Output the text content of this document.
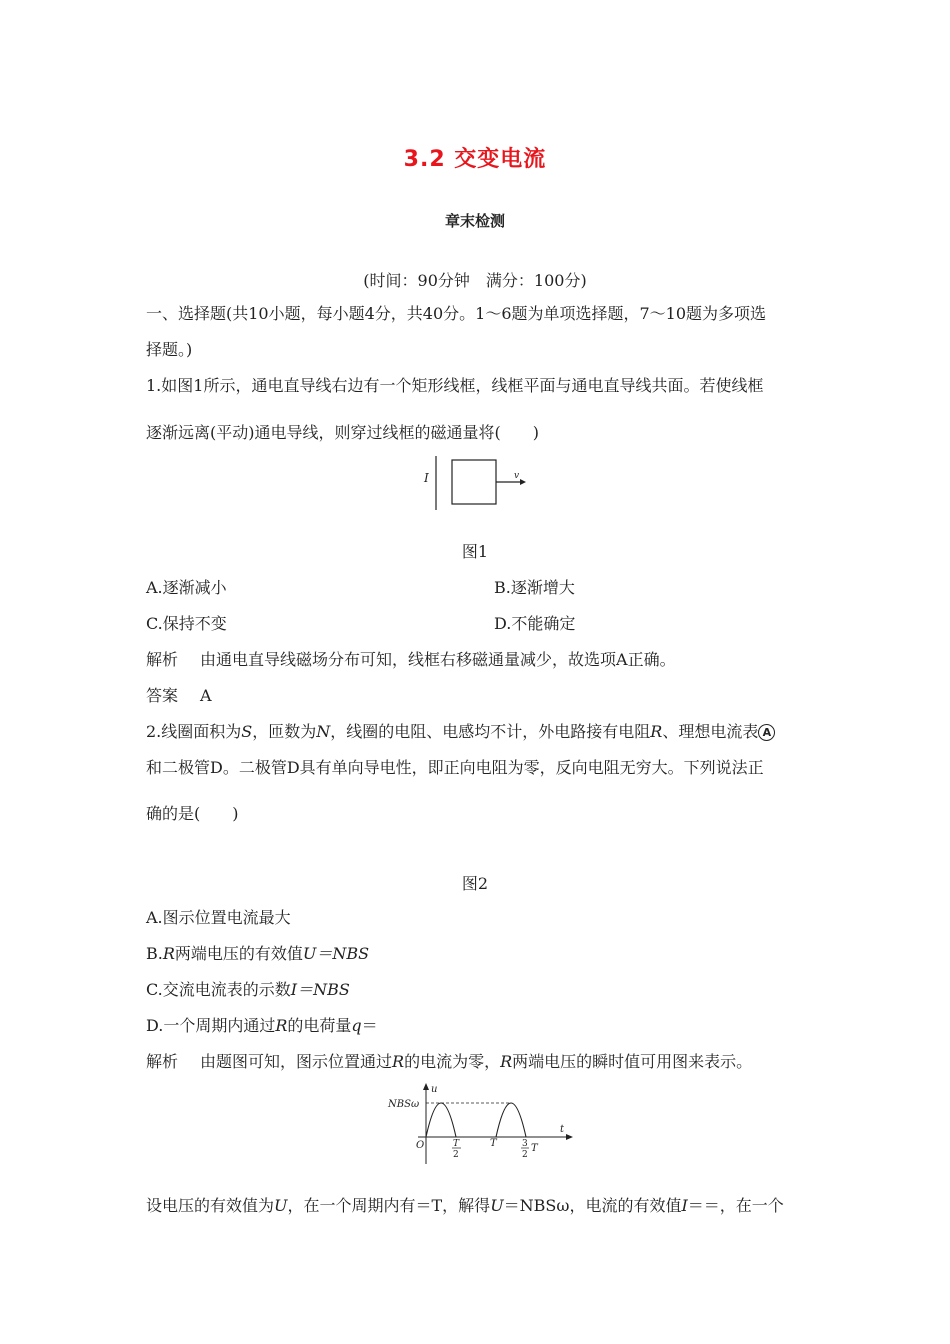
3.2 交变电流
章末检测
(时间：90分钟　满分：100分)
一、选择题(共10小题，每小题4分，共40分。1～6题为单项选择题，7～10题为多项选
择题。)
1.如图1所示，通电直导线右边有一个矩形线框，线框平面与通电直导线共面。若使线框
逐渐远离(平动)通电导线，则穿过线框的磁通量将(　　)
I	v
图1
A.逐渐减小	B.逐渐增大
C.保持不变	D.不能确定
解析 由通电直导线磁场分布可知，线框右移磁通量减少，故选项A正确。
答案 A
2.线圈面积为S，匝数为N，线圈的电阻、电感均不计，外电路接有电阻R、理想电流表 A
和二极管D。二极管D具有单向导电性，即正向电阻为零，反向电阻无穷大。下列说法正
确的是(　　)
图2
A.图示位置电流最大
B.R两端电压的有效值U＝NBS
C.交流电流表的示数I＝NBS
D.一个周期内通过R的电荷量q＝
解析 由题图可知，图示位置通过R的电流为零，R两端电压的瞬时值可用图来表示。
u
t
NBSω
O	T
2
T	3
2
T
设电压的有效值为U，在一个周期内有＝T，解得U＝NBSω，电流的有效值I＝＝，在一个
